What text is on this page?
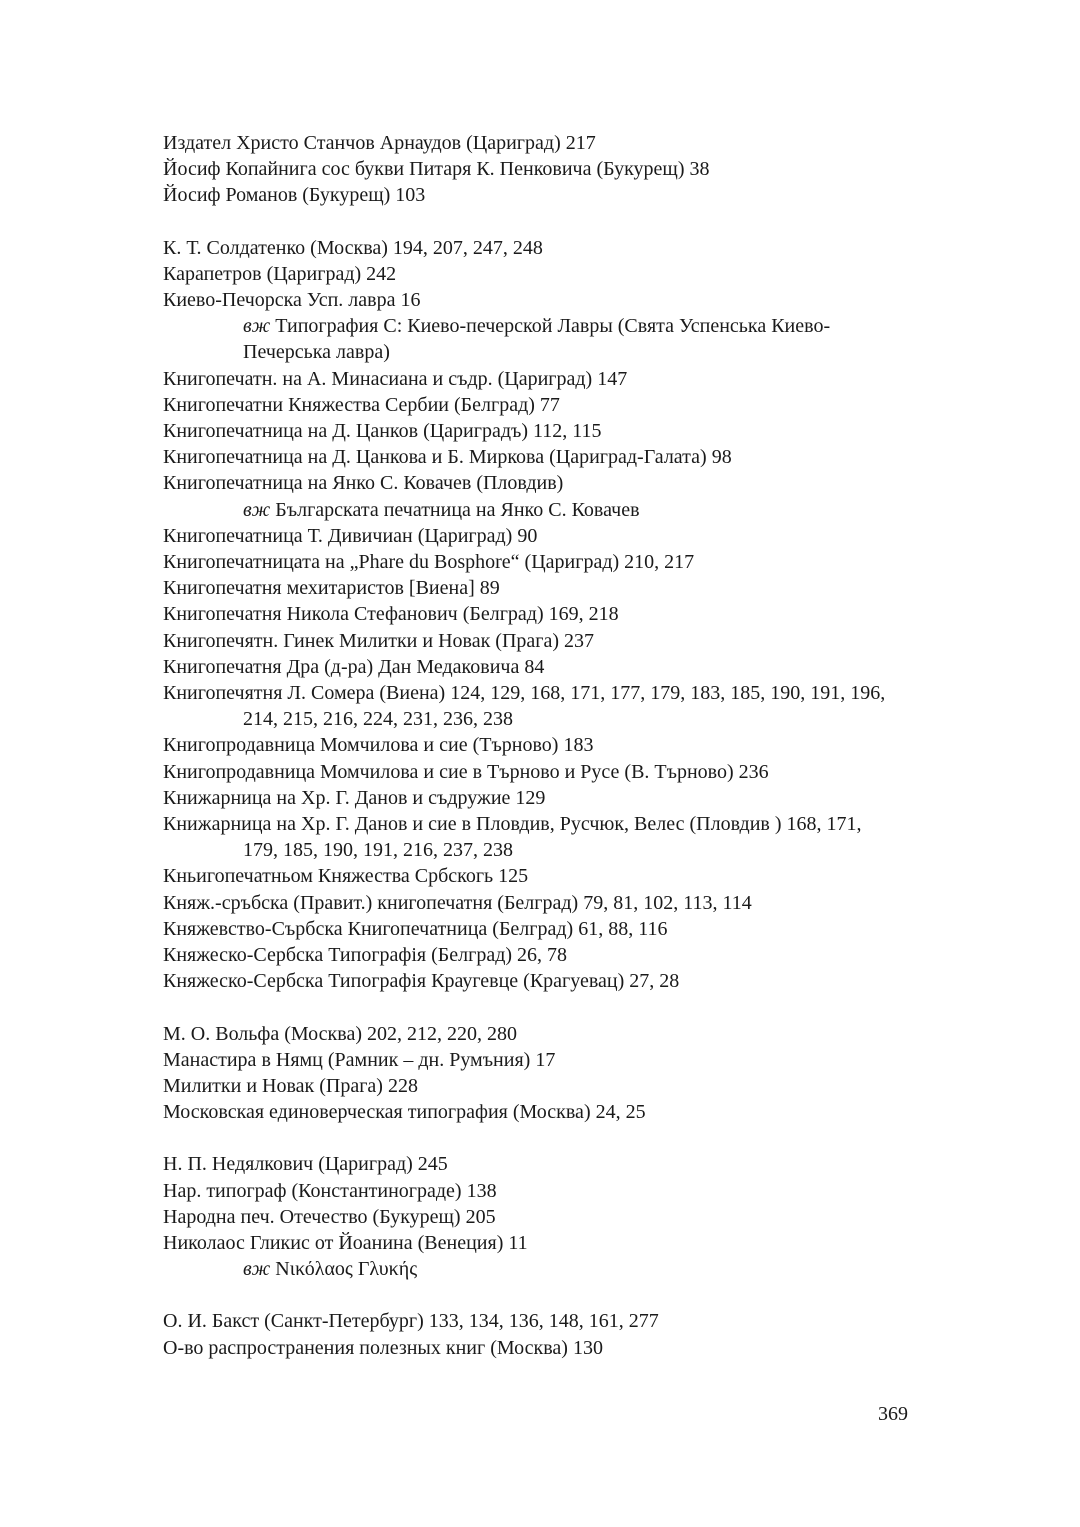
Издател Христо Станчов Арнаудов (Цариград) 217
Йосиф Копайнига сос букви Питаря К. Пенковича (Букурещ) 38
Йосиф Романов (Букурещ) 103
К. Т. Солдатенко (Москва) 194, 207, 247, 248
Карапетров (Цариград) 242
Киево-Печорска Усп. лавра 16
вж Типография С: Киево-печерской Лавры (Свята Успенська Киево-
Печерська лавра)
Книгопечатн. на А. Минасиана и съдр. (Цариград) 147
Книгопечатни Княжества Сербии (Белград) 77
Книгопечатница на Д. Цанков (Цариградъ) 112, 115
Книгопечатница на Д. Цанкова и Б. Миркова (Цариград-Галата) 98
Книгопечатница на Янко С. Ковачев (Пловдив)
вж Българската печатница на Янко С. Ковачев
Книгопечатница Т. Дивичиан (Цариград) 90
Книгопечатницата на „Phare du Bosphore“ (Цариград) 210, 217
Книгопечатня мехитаристов [Виена] 89
Книгопечатня Никола Стефанович (Белград) 169, 218
Книгопечятн. Гинек Милитки и Новак (Прага) 237
Книгопечатня Дра (д-ра) Дан Медаковича 84
Книгопечятня Л. Сомера (Виена) 124, 129, 168, 171, 177, 179, 183, 185, 190, 191, 196,
214, 215, 216, 224, 231, 236, 238
Книгопродавница Момчилова и сие (Търново) 183
Книгопродавница Момчилова и сие в Търново и Русе (В. Търново) 236
Книжарница на Хр. Г. Данов и съдружие 129
Книжарница на Хр. Г. Данов и сие в Пловдив, Русчюк, Велес (Пловдив ) 168, 171,
179, 185, 190, 191, 216, 237, 238
Кньигопечатньом Княжества Србскогь 125
Княж.-сръбска (Правит.) книгопечатня (Белград) 79, 81, 102, 113, 114
Княжевство-Сърбска Книгопечатница (Белград) 61, 88, 116
Княжеско-Сербска Типографiя (Белград) 26, 78
Княжеско-Сербска Типографiя Краугевце (Крагуевац) 27, 28
М. О. Вольфа (Москва) 202, 212, 220, 280
Манастира в Нямц (Рамник – дн. Румъния) 17
Милитки и Новак (Прага) 228
Московская единоверческая типография (Москва) 24, 25
Н. П. Недялкович (Цариград) 245
Нар. типограф (Константинограде) 138
Народна печ. Отечество (Букурещ) 205
Николаос Гликис от Йоанина (Венеция) 11
вж Νικόλαος Γλυκής
О. И. Бакст (Санкт-Петербург) 133, 134, 136, 148, 161, 277
О-во распространения полезных книг (Москва) 130
369
